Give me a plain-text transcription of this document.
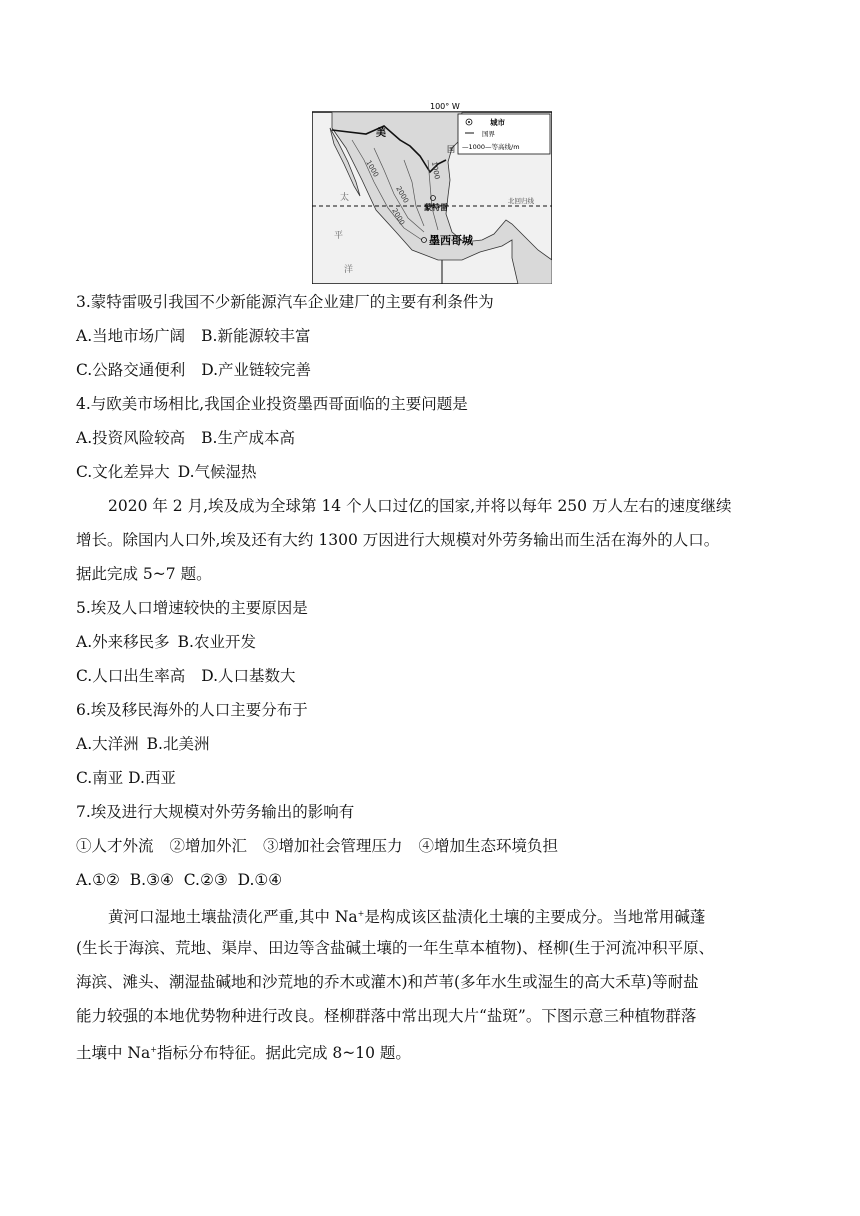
100° W
城市
国界
—1000—等高线/m
美
国
太
平
洋
北回归线
1000
2000
2000
1000
蒙特雷
墨西哥城
3.蒙特雷吸引我国不少新能源汽车企业建厂的主要有利条件为
A.当地市场广阔 B.新能源较丰富
C.公路交通便利 D.产业链较完善
4.与欧美市场相比,我国企业投资墨西哥面临的主要问题是
A.投资风险较高 B.生产成本高
C.文化差异大 D.气候湿热
2020 年 2 月,埃及成为全球第 14 个人口过亿的国家,并将以每年 250 万人左右的速度继续
增长。除国内人口外,埃及还有大约 1300 万因进行大规模对外劳务输出而生活在海外的人口。
据此完成 5~7 题。
5.埃及人口增速较快的主要原因是
A.外来移民多 B.农业开发
C.人口出生率高 D.人口基数大
6.埃及移民海外的人口主要分布于
A.大洋洲 B.北美洲
C.南亚 D.西亚
7.埃及进行大规模对外劳务输出的影响有
①人才外流 ②增加外汇 ③增加社会管理压力 ④增加生态环境负担
A.①②  B.③④  C.②③  D.①④
黄河口湿地土壤盐渍化严重,其中 Na+是构成该区盐渍化土壤的主要成分。当地常用碱蓬
(生长于海滨、荒地、渠岸、田边等含盐碱土壤的一年生草本植物)、柽柳(生于河流冲积平原、
海滨、滩头、潮湿盐碱地和沙荒地的乔木或灌木)和芦苇(多年水生或湿生的高大禾草)等耐盐
能力较强的本地优势物种进行改良。柽柳群落中常出现大片“盐斑”。下图示意三种植物群落
土壤中 Na+指标分布特征。据此完成 8~10 题。
